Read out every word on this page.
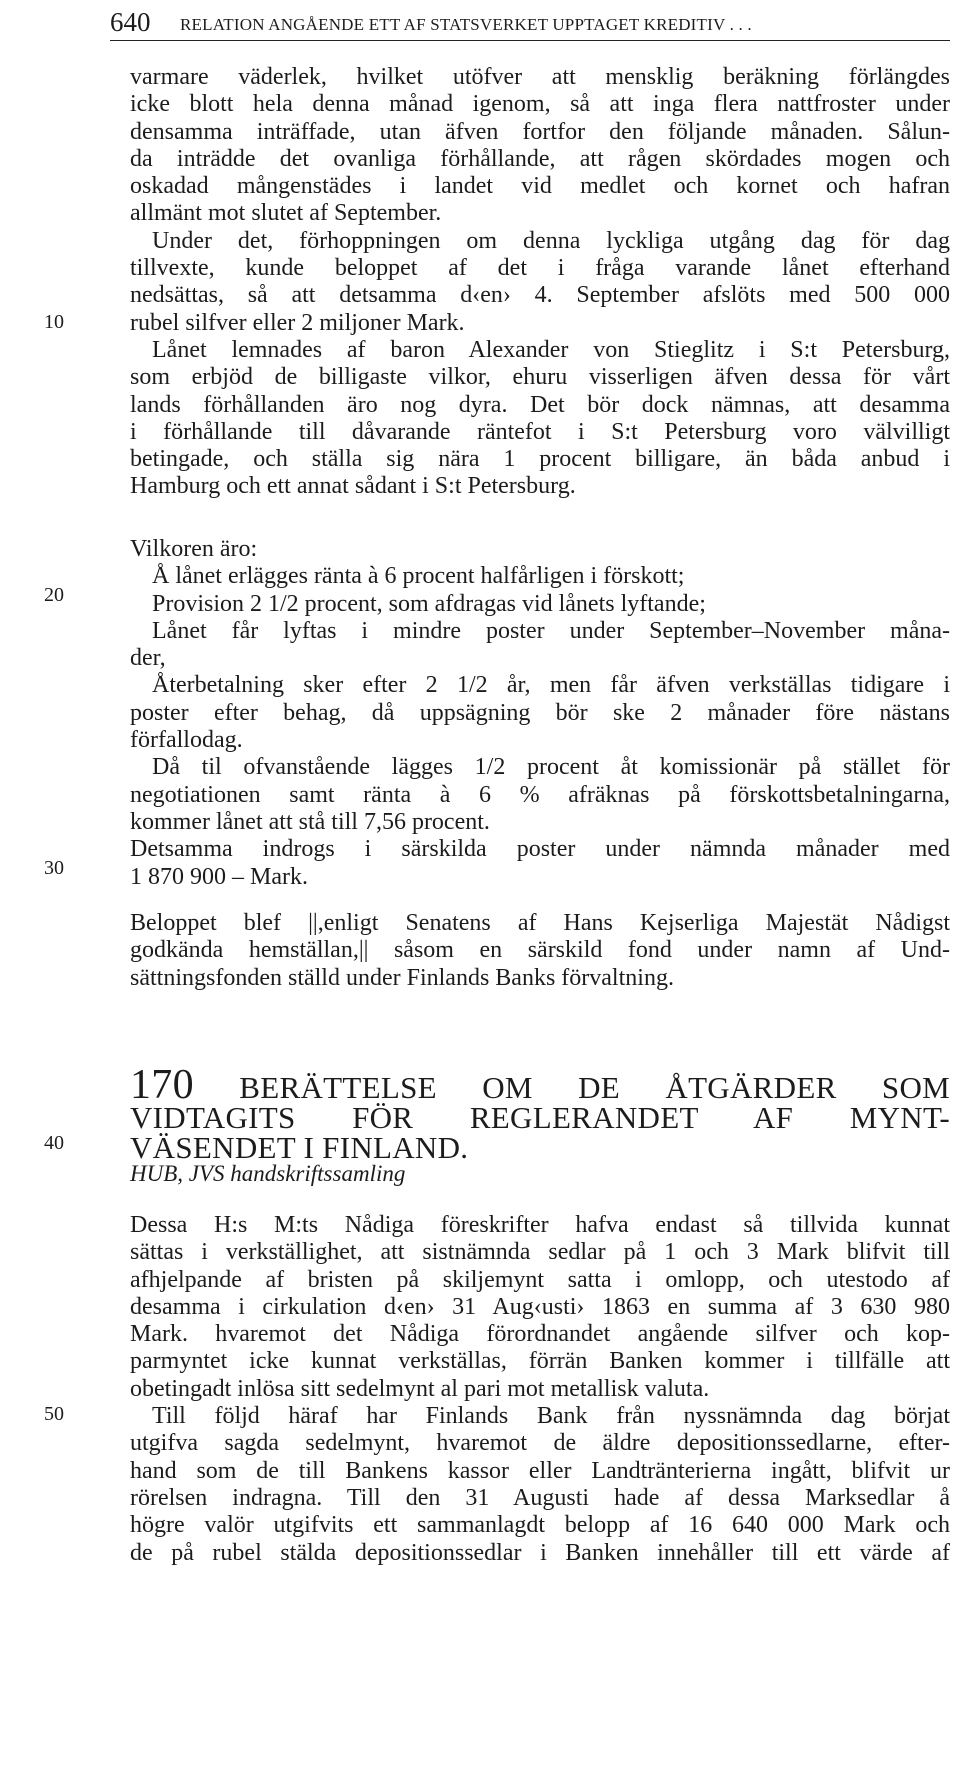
640 RELATION ANGÅENDE ETT AF STATSVERKET UPPTAGET KREDITIV . . .
10
20
30
40
50
varmare väderlek, hvilket utöfver att mensklig beräkning förlängdes
icke blott hela denna månad igenom, så att inga flera nattfroster under
densamma inträffade, utan äfven fortfor den följande månaden. Sålun-
da inträdde det ovanliga förhållande, att rågen skördades mogen och
oskadad mångenstädes i landet vid medlet och kornet och hafran
allmänt mot slutet af September.
Under det, förhoppningen om denna lyckliga utgång dag för dag
tillvexte, kunde beloppet af det i fråga varande lånet efterhand
nedsättas, så att detsamma d‹en› 4. September afslöts med 500 000
rubel silfver eller 2 miljoner Mark.
Lånet lemnades af baron Alexander von Stieglitz i S:t Petersburg,
som erbjöd de billigaste vilkor, ehuru visserligen äfven dessa för vårt
lands förhållanden äro nog dyra. Det bör dock nämnas, att desamma
i förhållande till dåvarande räntefot i S:t Petersburg voro välvilligt
betingade, och ställa sig nära 1 procent billigare, än båda anbud i
Hamburg och ett annat sådant i S:t Petersburg.
Vilkoren äro:
Å lånet erlägges ränta à 6 procent halfårligen i förskott;
Provision 2 1/2 procent, som afdragas vid lånets lyftande;
Lånet får lyftas i mindre poster under September–November måna-
der,
Återbetalning sker efter 2 1/2 år, men får äfven verkställas tidigare i
poster efter behag, då uppsägning bör ske 2 månader före nästans
förfallodag.
Då til ofvanstående lägges 1/2 procent åt komissionär på stället för
negotiationen samt ränta à 6 % afräknas på förskottsbetalningarna,
kommer lånet att stå till 7,56 procent.
Detsamma indrogs i särskilda poster under nämnda månader med
1 870 900 – Mark.
Beloppet blef ||,enligt Senatens af Hans Kejserliga Majestät Nådigst
godkända hemställan,|| såsom en särskild fond under namn af Und-
sättningsfonden ställd under Finlands Banks förvaltning.
170 BERÄTTELSE OM DE ÅTGÄRDER SOM
VIDTAGITS FÖR REGLERANDET AF MYNT-
VÄSENDET I FINLAND.
HUB, JVS handskriftssamling
Dessa H:s M:ts Nådiga föreskrifter hafva endast så tillvida kunnat
sättas i verkställighet, att sistnämnda sedlar på 1 och 3 Mark blifvit till
afhjelpande af bristen på skiljemynt satta i omlopp, och utestodo af
desamma i cirkulation d‹en› 31 Aug‹usti› 1863 en summa af 3 630 980
Mark. hvaremot det Nådiga förordnandet angående silfver och kop-
parmyntet icke kunnat verkställas, förrän Banken kommer i tillfälle att
obetingadt inlösa sitt sedelmynt al pari mot metallisk valuta.
Till följd häraf har Finlands Bank från nyssnämnda dag börjat
utgifva sagda sedelmynt, hvaremot de äldre depositionssedlarne, efter-
hand som de till Bankens kassor eller Landtränterierna ingått, blifvit ur
rörelsen indragna. Till den 31 Augusti hade af dessa Marksedlar å
högre valör utgifvits ett sammanlagdt belopp af 16 640 000 Mark och
de på rubel stälda depositionssedlar i Banken innehåller till ett värde af
